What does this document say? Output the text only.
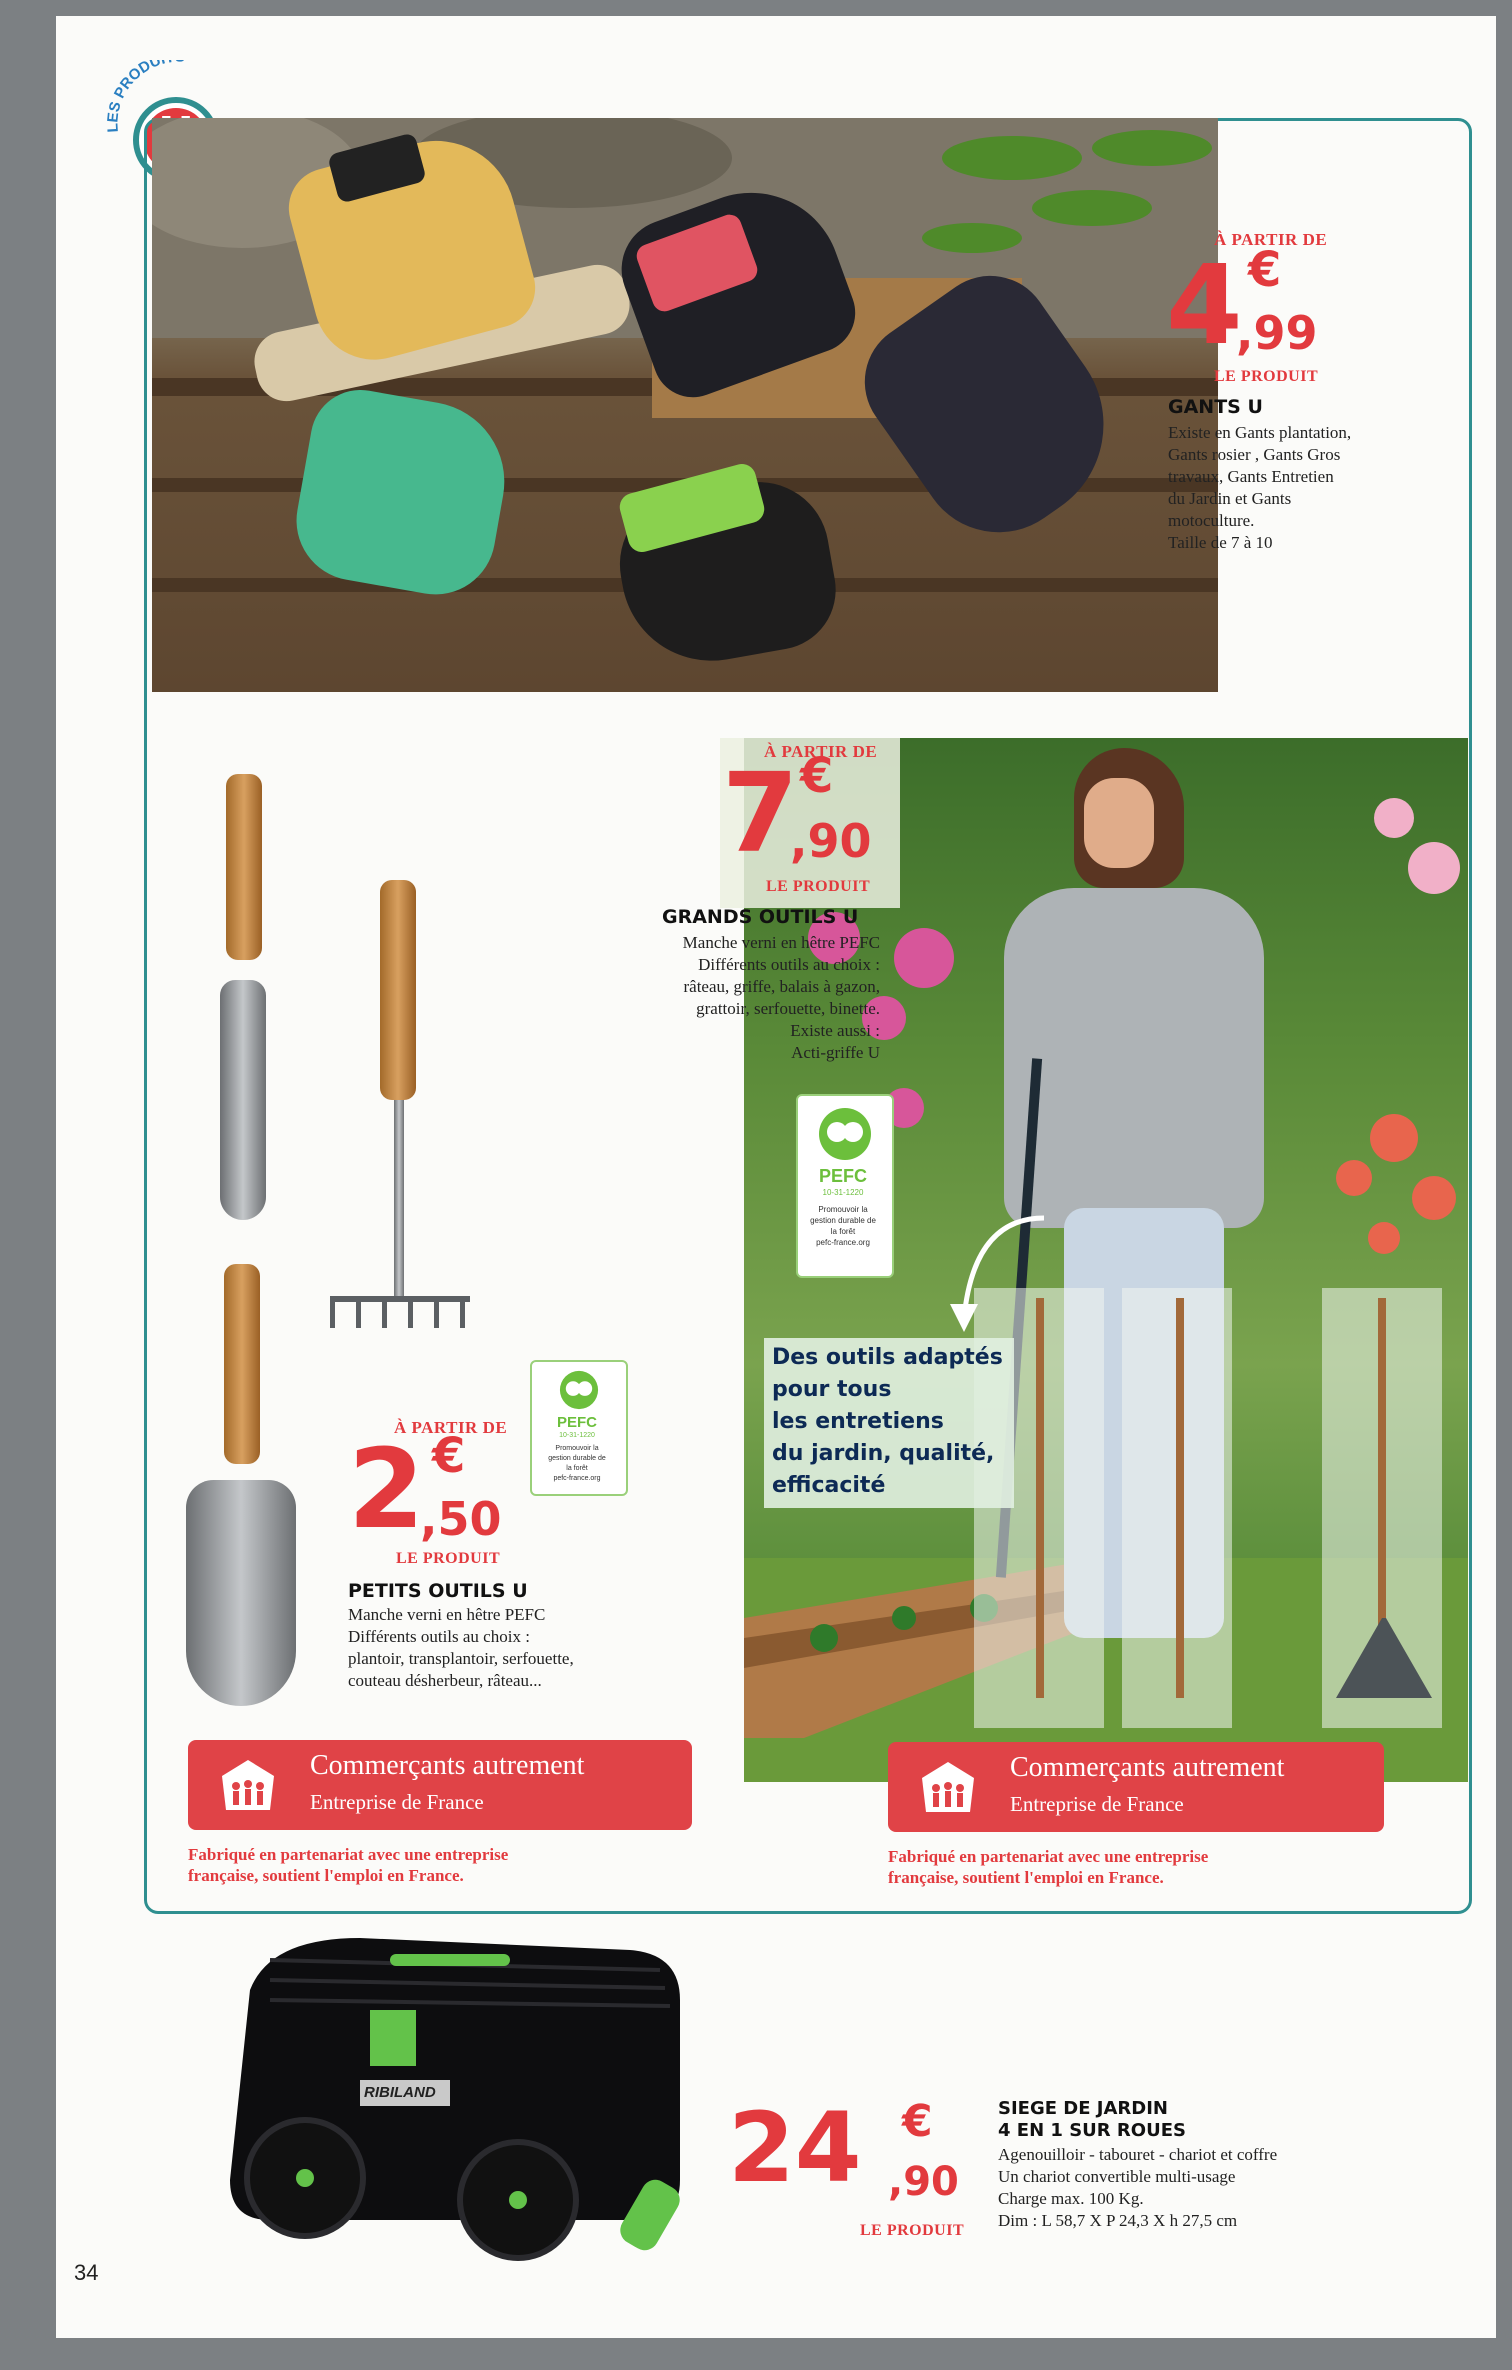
LES PRODU
À PARTIR DE
4 €
,99
LE PRODUIT
GANTS U
Existe en Gants plantation,
Gants rosier , Gants Gros
travaux, Gants Entretien
du Jardin et Gants
motoculture.
Taille de 7 à 10
Des outils adaptés
pour tous
les entretiens
du jardin, qualité,
efficacité
À PARTIR DE
7 €
,90
LE PRODUIT
GRANDS OUTILS U
Manche verni en hêtre PEFC
Différents outils au choix :
râteau, griffe, balais à gazon,
grattoir, serfouette, binette.
Existe aussi :
Acti-griffe U
PEFC
10-31-1220
Promouvoir la
gestion durable de
la forêt
pefc-france.org
PEFC
10-31-1220
Promouvoir la
gestion durable de
la forêt
pefc-france.org
À PARTIR DE
2 €
,50
LE PRODUIT
PETITS OUTILS U
Manche verni en hêtre PEFC
Différents outils au choix :
plantoir, transplantoir, serfouette,
couteau désherbeur, râteau...
Commerçants autrement
Entreprise de France
Fabriqué en partenariat avec une entreprise
française, soutient l'emploi en France.
Commerçants autrement
Entreprise de France
Fabriqué en partenariat avec une entreprise
française, soutient l'emploi en France.
RIBILAND	24 €
,90
LE PRODUIT
SIEGE DE JARDIN
4 EN 1 SUR ROUES
Agenouilloir - tabouret - chariot et coffre
Un chariot convertible multi-usage
Charge max. 100 Kg.
Dim : L 58,7 X P 24,3 X h 27,5 cm
34
